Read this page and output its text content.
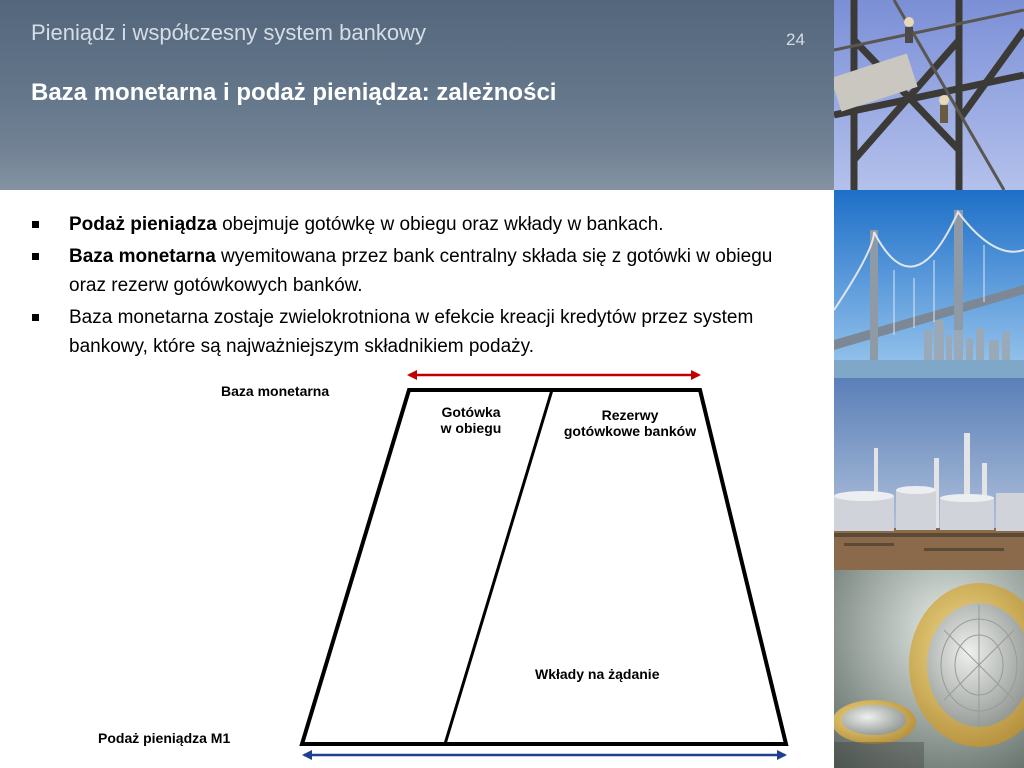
Pieniądz i współczesny system bankowy	24
Baza monetarna i podaż pieniądza: zależności
Podaż pieniądza obejmuje gotówkę w obiegu oraz wkłady w bankach.
Baza monetarna wyemitowana przez bank centralny składa się z gotówki w obiegu oraz rezerw gotówkowych banków.
Baza monetarna zostaje zwielokrotniona w efekcie kreacji kredytów przez system bankowy, które są najważniejszym składnikiem podaży.
Baza monetarna
Gotówka
w obiegu
Rezerwy
gotówkowe banków
Wkłady na żądanie
Podaż pieniądza M1
